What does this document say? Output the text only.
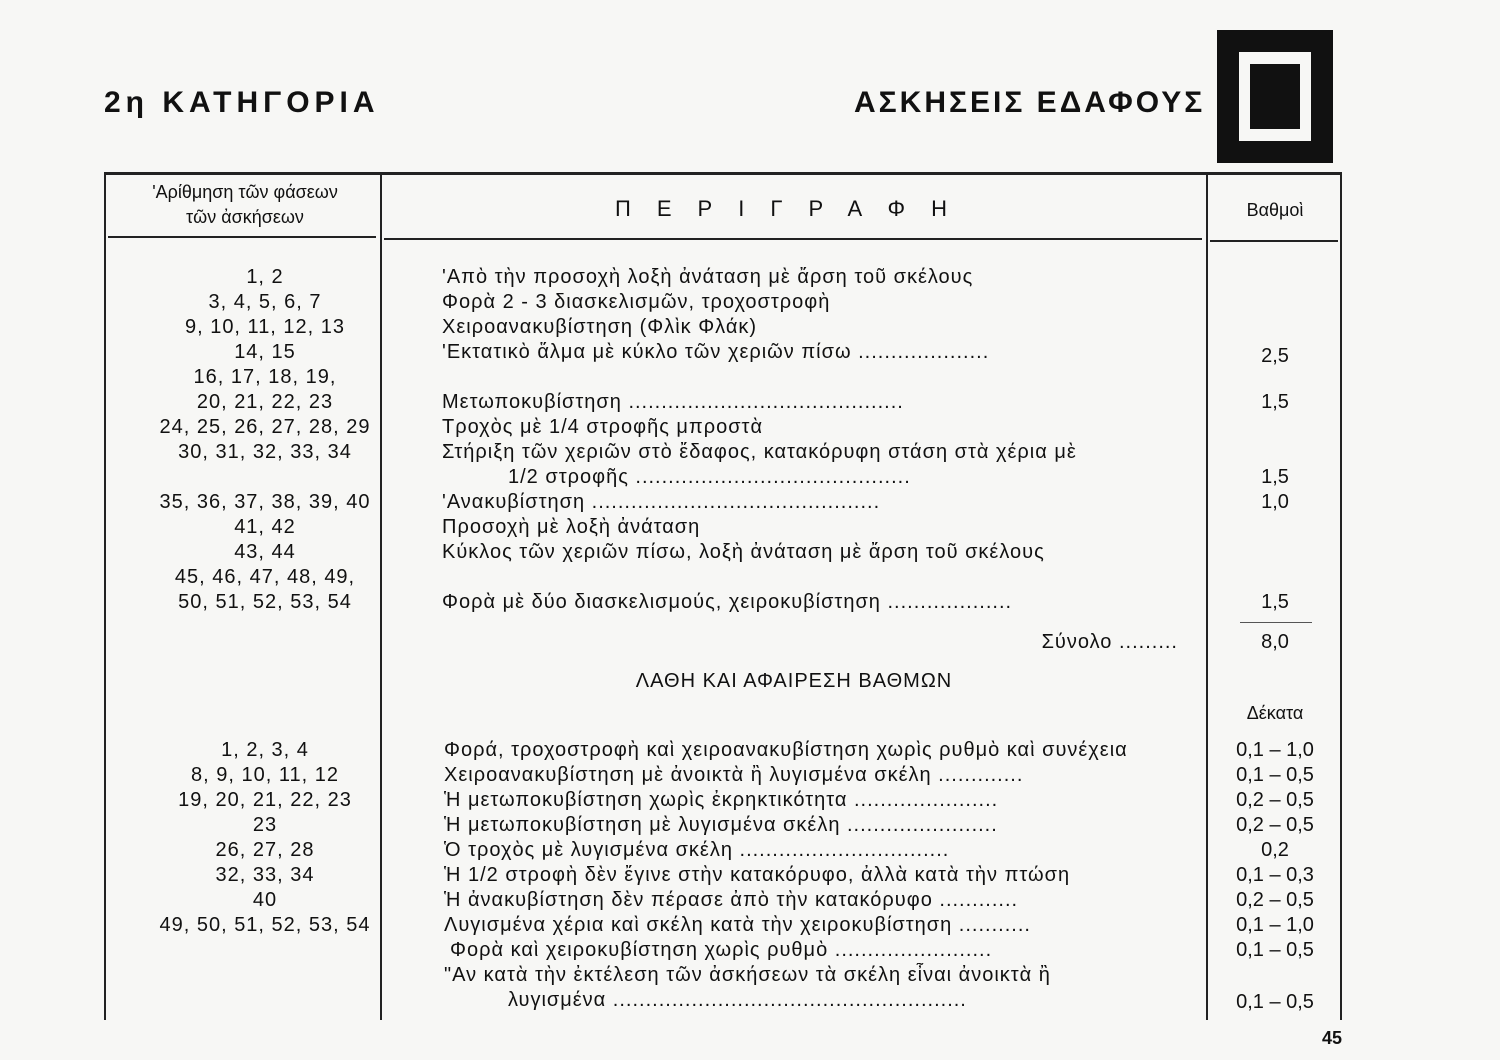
2η ΚΑΤΗΓΟΡΙΑ	ΑΣΚΗΣΕΙΣ ΕΔΑΦΟΥΣ
'Αρίθμηση τῶν φάσεων
τῶν ἀσκήσεων	ΠΕΡΙΓΡΑΦΗ	Βαθμοὶ
1, 2	'Απὸ τὴν προσοχὴ λοξὴ ἀνάταση μὲ ἄρση τοῦ σκέλους
3, 4, 5, 6, 7	Φορὰ 2 - 3 διασκελισμῶν, τροχοστροφὴ
9, 10, 11, 12, 13	Χειροανακυβίστηση (Φλὶκ Φλάκ)
14, 15	'Εκτατικὸ ἅλμα μὲ κύκλο τῶν χεριῶν πίσω ....................	2,5
16, 17, 18, 19,
20, 21, 22, 23	Μετωποκυβίστηση ..........................................	1,5
24, 25, 26, 27, 28, 29	Τροχὸς μὲ 1/4 στροφῆς μπροστὰ
30, 31, 32, 33, 34	Στήριξη τῶν χεριῶν στὸ ἔδαφος, κατακόρυφη στάση στὰ χέρια μὲ
1/2 στροφῆς ..........................................	1,5
35, 36, 37, 38, 39, 40	'Ανακυβίστηση ............................................	1,0
41, 42	Προσοχὴ μὲ λοξὴ ἀνάταση
43, 44	Κύκλος τῶν χεριῶν πίσω, λοξὴ ἀνάταση μὲ ἄρση τοῦ σκέλους
45, 46, 47, 48, 49,
50, 51, 52, 53, 54	Φορὰ μὲ δύο διασκελισμούς, χειροκυβίστηση ...................	1,5
Σύνολο .........	8,0
ΛΑΘΗ ΚΑΙ ΑΦΑΙΡΕΣΗ ΒΑΘΜΩΝ
Δέκατα
1, 2, 3, 4	Φορά, τροχοστροφὴ καὶ χειροανακυβίστηση χωρὶς ρυθμὸ καὶ συνέχεια	0,1 – 1,0
8, 9, 10, 11, 12	Χειροανακυβίστηση μὲ ἀνοικτὰ ἢ λυγισμένα σκέλη .............	0,1 – 0,5
19, 20, 21, 22, 23	Ἡ μετωποκυβίστηση χωρὶς ἐκρηκτικότητα ......................	0,2 – 0,5
23	Ἡ μετωποκυβίστηση μὲ λυγισμένα σκέλη .......................	0,2 – 0,5
26, 27, 28	Ὁ τροχὸς μὲ λυγισμένα σκέλη ................................	0,2
32, 33, 34	Ἡ 1/2 στροφὴ δὲν ἔγινε στὴν κατακόρυφο, ἀλλὰ κατὰ τὴν πτώση	0,1 – 0,3
40	Ἡ ἀνακυβίστηση δὲν πέρασε ἀπὸ τὴν κατακόρυφο ............	0,2 – 0,5
49, 50, 51, 52, 53, 54	Λυγισμένα χέρια καὶ σκέλη κατὰ τὴν χειροκυβίστηση ...........	0,1 – 1,0
Φορὰ καὶ χειροκυβίστηση χωρὶς ρυθμὸ ........................	0,1 – 0,5
"Αν κατὰ τὴν ἐκτέλεση τῶν ἀσκήσεων τὰ σκέλη εἶναι ἀνοικτὰ ἢ
λυγισμένα ......................................................	0,1 – 0,5
45
